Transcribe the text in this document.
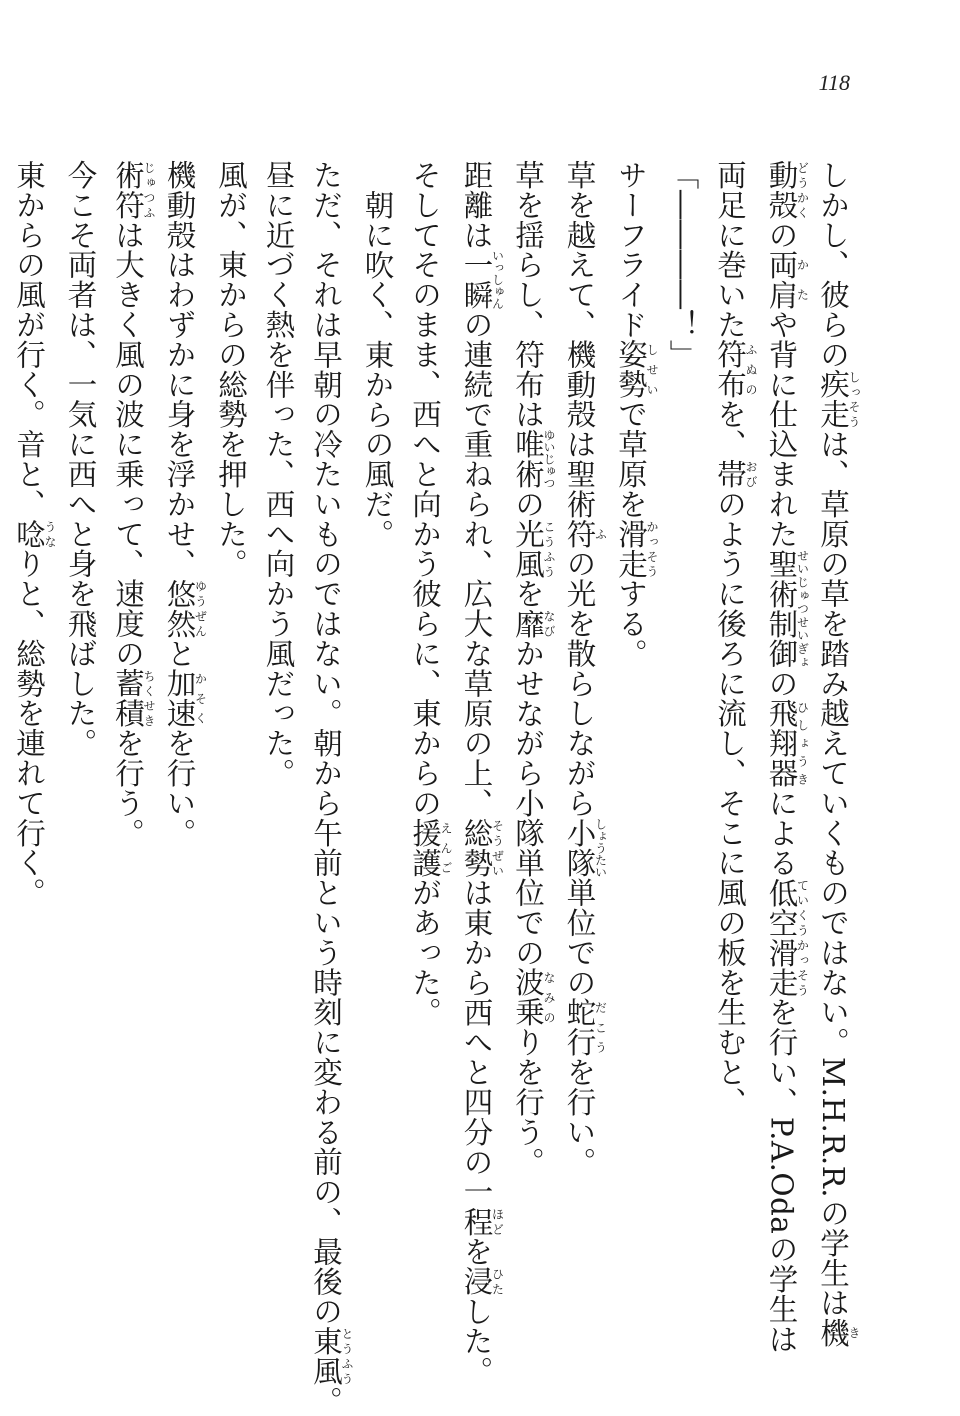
118
しかし、彼らの疾走しっそうは、草原の草を踏み越えていくものではない。M.H.R.R.の学生は機き
動殻どうかくの両肩かたや背に仕込まれた聖術制御せいじゅつせいぎょの飛翔器ひしょうきによる低空滑走ていくうかっそうを行い、P.A.Odaの学生は
両足に巻いた符布ふぬのを、帯おびのように後ろに流し、そこに風の板を生むと、
「――――！」
サーフライド姿勢しせいで草原を滑走かっそうする。
草を越えて、機動殻は聖術符ふの光を散らしながら小隊しょうたい単位での蛇行だこうを行い。
草を揺らし、符布は唯術ゆいじゅつの光風こうふうを靡なびかせながら小隊単位での波乗なみのりを行う。
距離は一瞬いっしゅんの連続で重ねられ、広大な草原の上、総勢そうぜいは東から西へと四分の一程ほどを浸ひたした。
そしてそのまま、西へと向かう彼らに、東からの援護えんごがあった。
朝に吹く、東からの風だ。
ただ、それは早朝の冷たいものではない。朝から午前という時刻に変わる前の、最後の東風とうふう。
昼に近づく熱を伴った、西へ向かう風だった。
風が、東からの総勢を押した。
機動殻はわずかに身を浮かせ、悠然ゆうぜんと加速かそくを行い。
術符じゅつふは大きく風の波に乗って、速度の蓄積ちくせきを行う。
今こそ両者は、一気に西へと身を飛ばした。
東からの風が行く。音と、唸うなりと、総勢を連れて行く。
